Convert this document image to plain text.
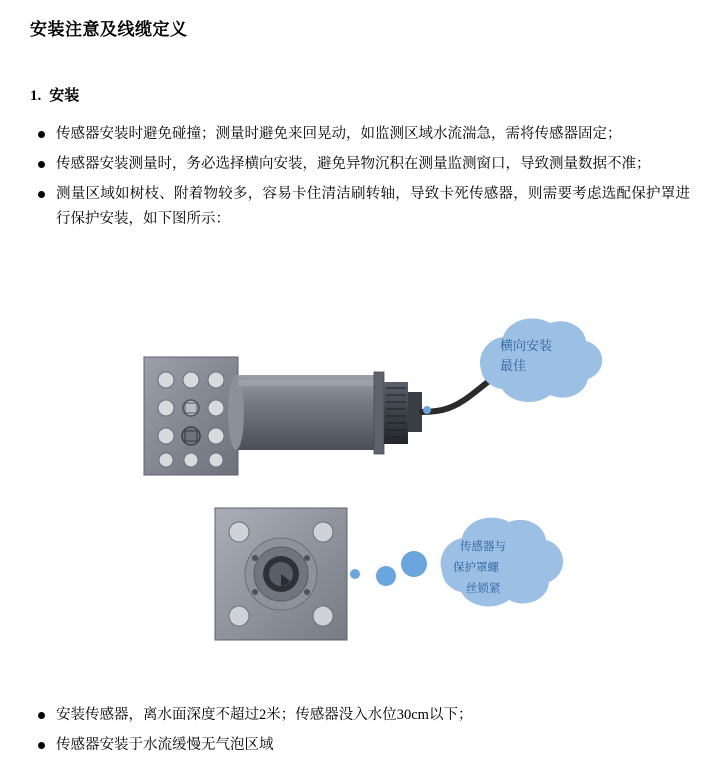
安装注意及线缆定义
1. 安装
传感器安装时避免碰撞；测量时避免来回晃动，如监测区域水流湍急，需将传感器固定；
传感器安装测量时，务必选择横向安装，避免异物沉积在测量监测窗口，导致测量数据不准；
测量区域如树枝、附着物较多，容易卡住清洁刷转轴，导致卡死传感器，则需要考虑选配保护罩进行保护安装，如下图所示：
横向安装
最佳
传感器与
保护罩螺
丝锁紧
安装传感器，离水面深度不超过2米；传感器没入水位30cm以下；
传感器安装于水流缓慢无气泡区域
